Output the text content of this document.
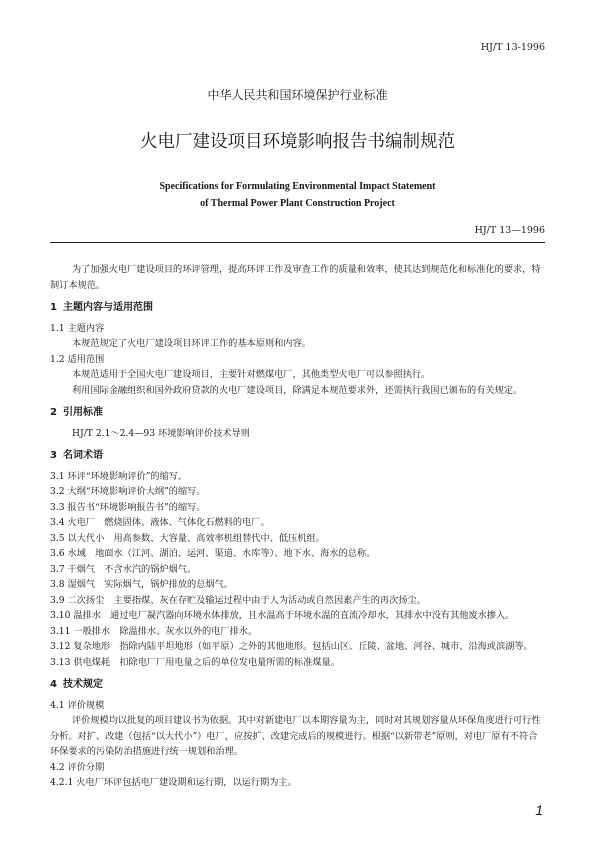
HJ/T 13-1996
中华人民共和国环境保护行业标准
火电厂建设项目环境影响报告书编制规范
Specifications for Formulating Environmental Impact Statement
of Thermal Power Plant Construction Project
HJ/T 13—1996

为了加强火电厂建设项目的环评管理，提高环评工作及审查工作的质量和效率，使其达到规范化和标准化的要求，特制订本规范。

1 主题内容与适用范围

1.1 主题内容

本规范规定了火电厂建设项目环评工作的基本原则和内容。

1.2 适用范围

本规范适用于全国火电厂建设项目，主要针对燃煤电厂，其他类型火电厂可以参照执行。

利用国际金融组织和国外政府贷款的火电厂建设项目，除满足本规范要求外，还需执行我国已颁布的有关规定。

2 引用标准

HJ/T 2.1～2.4—93 环境影响评价技术导则

3 名词术语

3.1 环评“环境影响评价”的缩写。

3.2 大纲“环境影响评价大纲”的缩写。

3.3 报告书“环境影响报告书”的缩写。

3.4 火电厂　燃烧固体、液体、气体化石燃料的电厂。

3.5 以大代小　用高参数、大容量、高效率机组替代中、低压机组。

3.6 水域　地面水（江河、湖泊、运河、渠道、水库等）、地下水、海水的总称。

3.7 干烟气　不含水汽的锅炉烟气。

3.8 湿烟气　实际烟气，锅炉排放的总烟气。

3.9 二次扬尘　主要指煤、灰在存贮及输运过程中由于人为活动或自然因素产生的再次扬尘。

3.10 温排水　通过电厂凝汽器向环境水体排放，且水温高于环境水温的直流冷却水，其排水中没有其他废水掺入。

3.11 一般排水　除温排水、灰水以外的电厂排水。

3.12 复杂地形　指除内陆平坦地形（如平原）之外的其他地形。包括山区、丘陵、盆地、河谷、城市、沿海或滨湖等。

3.13 供电煤耗　扣除电厂厂用电量之后的单位发电量所需的标准煤量。

4 技术规定

4.1 评价规模

评价规模均以批复的项目建议书为依据。其中对新建电厂以本期容量为主，同时对其规划容量从环保角度进行可行性分析。对扩、改建（包括“以大代小”）电厂，应按扩、改建完成后的规模进行。根据“以新带老”原则，对电厂原有不符合环保要求的污染防治措施进行统一规划和治理。

4.2 评价分期

4.2.1 火电厂环评包括电厂建设期和运行期，以运行期为主。

1
